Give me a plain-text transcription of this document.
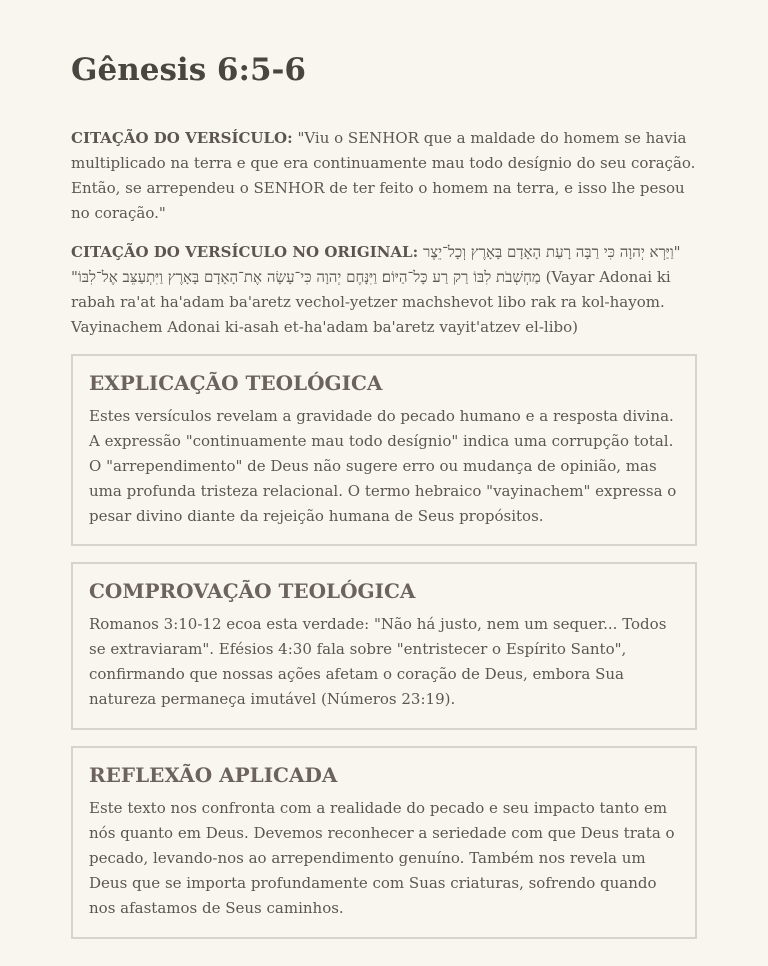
Gênesis 6:5-6

CITAÇÃO DO VERSÍCULO: "Viu o SENHOR que a maldade do homem se havia multiplicado na terra e que era continuamente mau todo desígnio do seu coração. Então, se arrependeu o SENHOR de ter feito o homem na terra, e isso lhe pesou no coração."

CITAÇÃO DO VERSÍCULO NO ORIGINAL: "וַיַּרְא יְהוָה כִּי רַבָּה רָעַת הָאָדָם בָּאָרֶץ וְכָל־יֵצֶר מַחְשְׁבֹת לִבּוֹ רַק רַע כָּל־הַיּוֹם׃ וַיִּנָּחֶם יְהוָה כִּי־עָשָׂה אֶת־הָאָדָם בָּאָרֶץ וַיִּתְעַצֵּב אֶל־לִבּוֹ" (Vayar Adonai ki rabah ra'at ha'adam ba'aretz vechol-yetzer machshevot libo rak ra kol-hayom. Vayinachem Adonai ki-asah et-ha'adam ba'aretz vayit'atzev el-libo)

EXPLICAÇÃO TEOLÓGICA

Estes versículos revelam a gravidade do pecado humano e a resposta divina. A expressão "continuamente mau todo desígnio" indica uma corrupção total. O "arrependimento" de Deus não sugere erro ou mudança de opinião, mas uma profunda tristeza relacional. O termo hebraico "vayinachem" expressa o pesar divino diante da rejeição humana de Seus propósitos.

COMPROVAÇÃO TEOLÓGICA

Romanos 3:10-12 ecoa esta verdade: "Não há justo, nem um sequer... Todos se extraviaram". Efésios 4:30 fala sobre "entristecer o Espírito Santo", confirmando que nossas ações afetam o coração de Deus, embora Sua natureza permaneça imutável (Números 23:19).

REFLEXÃO APLICADA

Este texto nos confronta com a realidade do pecado e seu impacto tanto em nós quanto em Deus. Devemos reconhecer a seriedade com que Deus trata o pecado, levando-nos ao arrependimento genuíno. Também nos revela um Deus que se importa profundamente com Suas criaturas, sofrendo quando nos afastamos de Seus caminhos.
